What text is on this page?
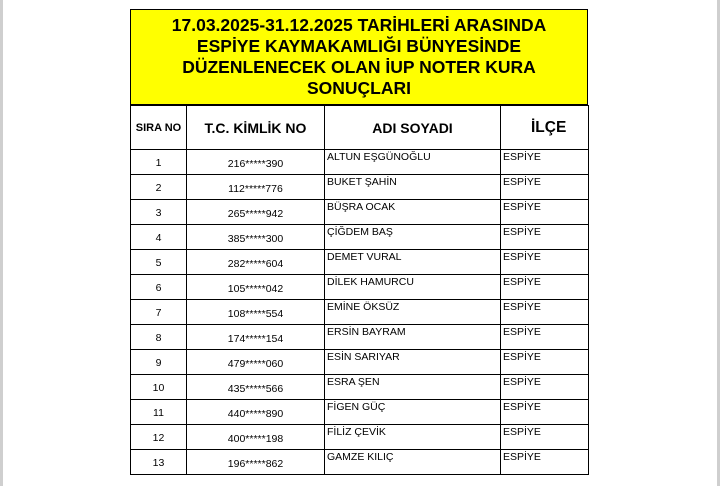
17.03.2025-31.12.2025 TARİHLERİ ARASINDA
ESPİYE KAYMAKAMLIĞI BÜNYESİNDE
DÜZENLENECEK OLAN İUP NOTER KURA
SONUÇLARI
SIRA NO	T.C. KİMLİK NO	ADI SOYADI	İLÇE
1	216*****390	ALTUN EŞGÜNOĞLU	ESPİYE
2	112*****776	BUKET ŞAHİN	ESPİYE
3	265*****942	BÜŞRA OCAK	ESPİYE
4	385*****300	ÇİĞDEM BAŞ	ESPİYE
5	282*****604	DEMET VURAL	ESPİYE
6	105*****042	DİLEK HAMURCU	ESPİYE
7	108*****554	EMİNE ÖKSÜZ	ESPİYE
8	174*****154	ERSİN BAYRAM	ESPİYE
9	479*****060	ESİN SARIYAR	ESPİYE
10	435*****566	ESRA ŞEN	ESPİYE
11	440*****890	FİGEN GÜÇ	ESPİYE
12	400*****198	FİLİZ ÇEVİK	ESPİYE
13	196*****862	GAMZE KILIÇ	ESPİYE
